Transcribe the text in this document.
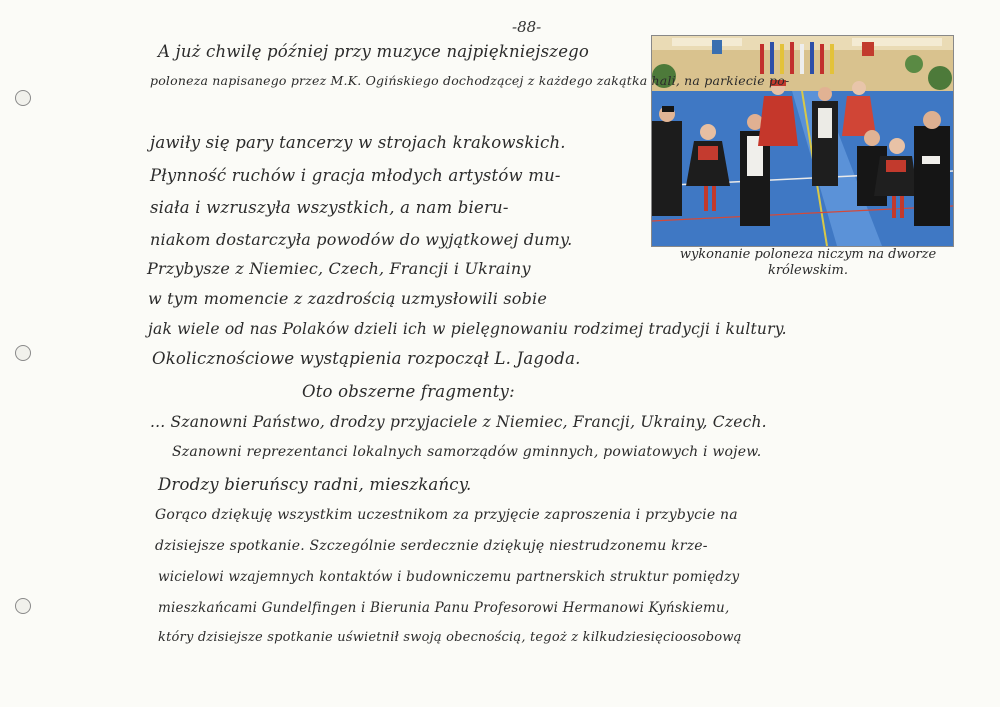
-88-
wykonanie poloneza niczym na dworze królewskim.
A już chwilę później przy muzyce najpiękniejszego
poloneza napisanego przez M.K. Ogińskiego dochodzącej z każdego zakątka hali, na parkiecie po-
jawiły się pary tancerzy w strojach krakowskich.
Płynność ruchów i gracja młodych artystów mu-
siała i wzruszyła wszystkich, a nam bieru-
niakom dostarczyła powodów do wyjątkowej dumy.
Przybysze z Niemiec, Czech, Francji i Ukrainy
w tym momencie z zazdrością uzmysłowili sobie
jak wiele od nas Polaków dzieli ich w pielęgnowaniu rodzimej tradycji i kultury.
Okolicznościowe wystąpienia rozpoczął L. Jagoda.
Oto obszerne fragmenty:
... Szanowni Państwo, drodzy przyjaciele z Niemiec, Francji, Ukrainy, Czech.
Szanowni reprezentanci lokalnych samorządów gminnych, powiatowych i wojew.
Drodzy bieruńscy radni, mieszkańcy.
Gorąco dziękuję wszystkim uczestnikom za przyjęcie zaproszenia i przybycie na
dzisiejsze spotkanie. Szczególnie serdecznie dziękuję niestrudzonemu krze-
wicielowi wzajemnych kontaktów i budowniczemu partnerskich struktur pomiędzy
mieszkańcami Gundelfingen i Bierunia Panu Profesorowi Hermanowi Kyńskiemu,
który dzisiejsze spotkanie uświetnił swoją obecnością, tegoż z kilkudziesięcioosobową
